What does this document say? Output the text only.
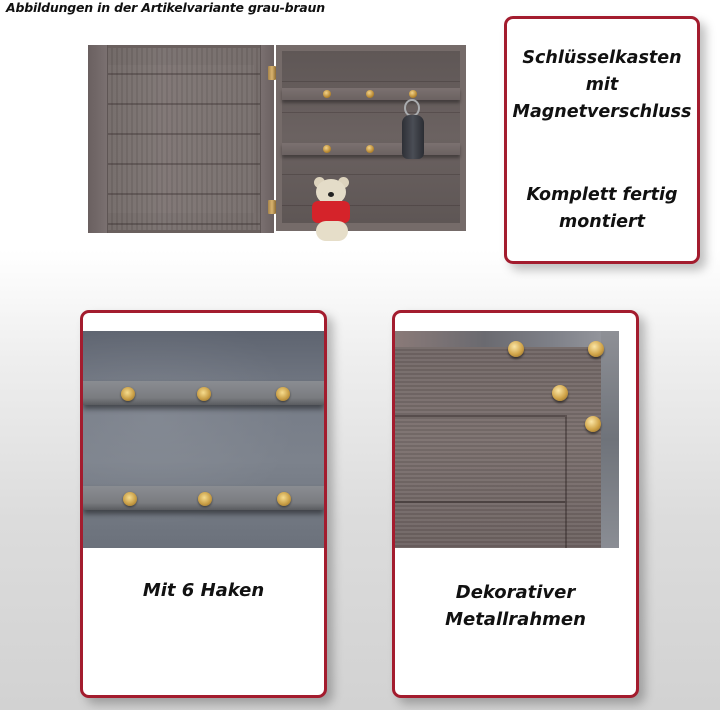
Abbildungen in der Artikelvariante grau-braun
Schlüsselkasten
mit
Magnetverschluss
Komplett fertig
montiert
Mit 6 Haken	Dekorativer
Metallrahmen
